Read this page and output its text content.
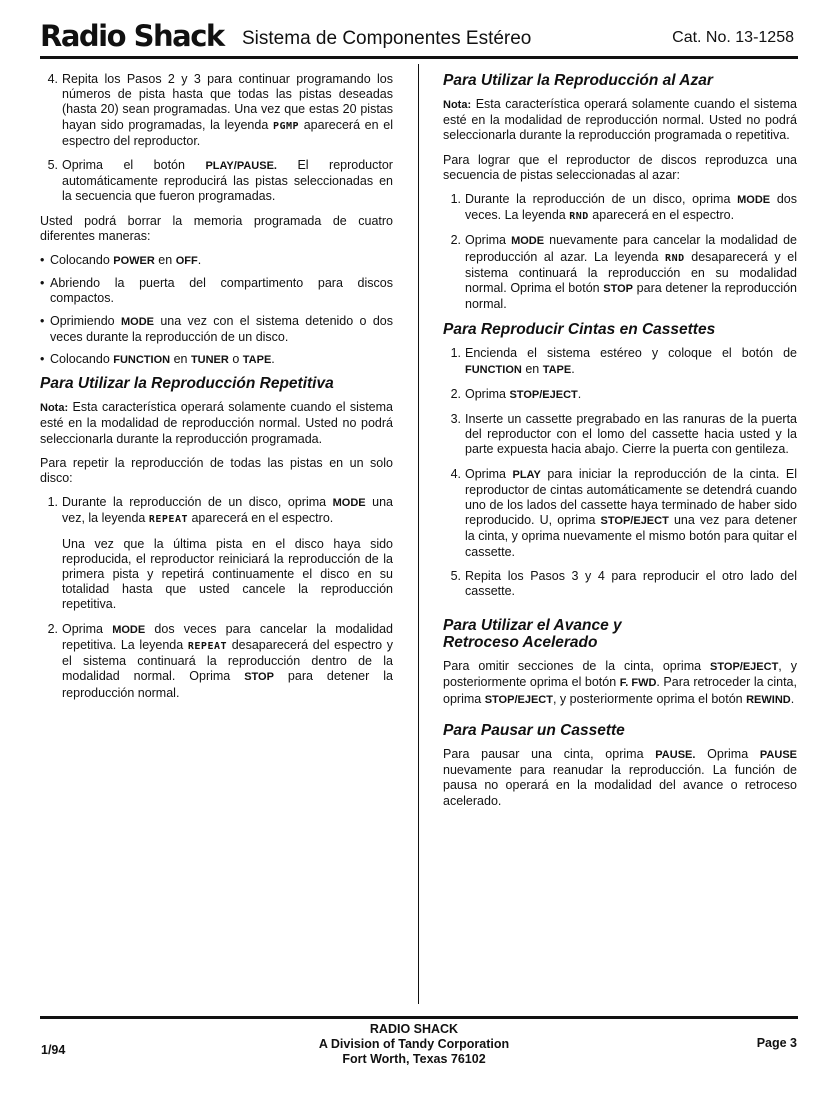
Radio Shack Sistema de Componentes Estéreo	Cat. No. 13-1258
4. Repita los Pasos 2 y 3 para continuar programando los números de pista hasta que todas las pistas deseadas (hasta 20) sean programadas. Una vez que estas 20 pistas hayan sido programadas, la leyenda PGMP aparecerá en el espectro del reproductor.
5. Oprima el botón PLAY/PAUSE. El reproductor automáticamente reproducirá las pistas seleccionadas en la secuencia que fueron programadas.

Usted podrá borrar la memoria programada de cuatro diferentes maneras:

• Colocando POWER en OFF.
• Abriendo la puerta del compartimento para discos compactos.
• Oprimiendo MODE una vez con el sistema detenido o dos veces durante la reproducción de un disco.
• Colocando FUNCTION en TUNER o TAPE.
Para Utilizar la Reproducción Repetitiva

Nota: Esta característica operará solamente cuando el sistema esté en la modalidad de reproducción normal. Usted no podrá seleccionarla durante la reproducción programada.

Para repetir la reproducción de todas las pistas en un solo disco:

1. Durante la reproducción de un disco, oprima MODE una vez, la leyenda REPEAT aparecerá en el espectro.

Una vez que la última pista en el disco haya sido reproducida, el reproductor reiniciará la reproducción de la primera pista y repetirá continuamente el disco en su totalidad hasta que usted cancele la reproducción repetitiva.

2. Oprima MODE dos veces para cancelar la modalidad repetitiva. La leyenda REPEAT desaparecerá del espectro y el sistema continuará la reproducción dentro de la modalidad normal. Oprima STOP para detener la reproducción normal.
Para Utilizar la Reproducción al Azar

Nota: Esta característica operará solamente cuando el sistema esté en la modalidad de reproducción normal. Usted no podrá seleccionarla durante la reproducción programada o repetitiva.

Para lograr que el reproductor de discos reproduzca una secuencia de pistas seleccionadas al azar:

1. Durante la reproducción de un disco, oprima MODE dos veces. La leyenda RND aparecerá en el espectro.
2. Oprima MODE nuevamente para cancelar la modalidad de reproducción al azar. La leyenda RND desaparecerá y el sistema continuará la reproducción en su modalidad normal. Oprima el botón STOP para detener la reproducción normal.
Para Reproducir Cintas en Cassettes
1. Encienda el sistema estéreo y coloque el botón de FUNCTION en TAPE.
2. Oprima STOP/EJECT.
3. Inserte un cassette pregrabado en las ranuras de la puerta del reproductor con el lomo del cassette hacia usted y la parte expuesta hacia abajo. Cierre la puerta con gentileza.
4. Oprima PLAY para iniciar la reproducción de la cinta. El reproductor de cintas automáticamente se detendrá cuando uno de los lados del cassette haya terminado de haber sido reproducido. U, oprima STOP/EJECT una vez para detener la cinta, y oprima nuevamente el mismo botón para quitar el cassette.
5. Repita los Pasos 3 y 4 para reproducir el otro lado del cassette.
Para Utilizar el Avance y
Retroceso Acelerado

Para omitir secciones de la cinta, oprima STOP/EJECT, y posteriormente oprima el botón F. FWD. Para retroceder la cinta, oprima STOP/EJECT, y posteriormente oprima el botón REWIND.

Para Pausar un Cassette

Para pausar una cinta, oprima PAUSE. Oprima PAUSE nuevamente para reanudar la reproducción. La función de pausa no operará en la modalidad del avance o retroceso acelerado.

1/94
RADIO SHACK
A Division of Tandy Corporation
Fort Worth, Texas 76102
Page 3
